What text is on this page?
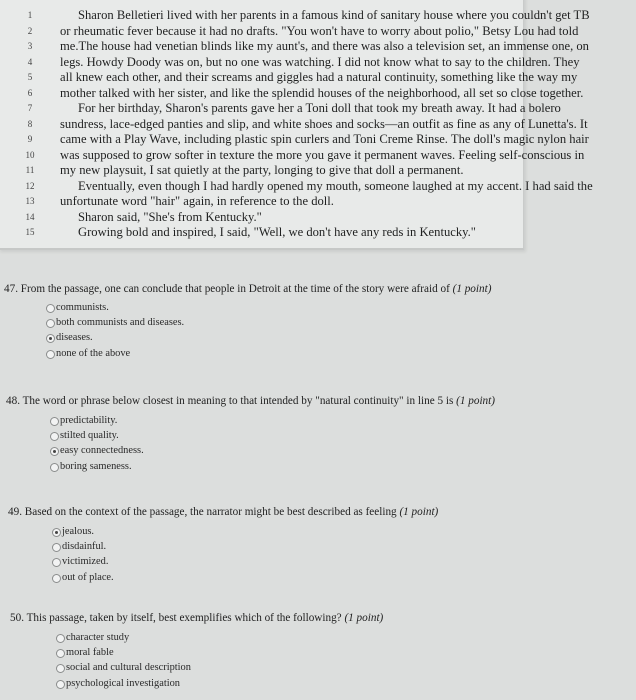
1	Sharon Belletieri lived with her parents in a famous kind of sanitary house where you couldn't get TB
2	or rheumatic fever because it had no drafts. "You won't have to worry about polio," Betsy Lou had told
3	me.The house had venetian blinds like my aunt's, and there was also a television set, an immense one, on
4	legs. Howdy Doody was on, but no one was watching. I did not know what to say to the children. They
5	all knew each other, and their screams and giggles had a natural continuity, something like the way my
6	mother talked with her sister, and like the splendid houses of the neighborhood, all set so close together.
7	For her birthday, Sharon's parents gave her a Toni doll that took my breath away. It had a bolero
8	sundress, lace-edged panties and slip, and white shoes and socks—an outfit as fine as any of Lunetta's. It
9	came with a Play Wave, including plastic spin curlers and Toni Creme Rinse. The doll's magic nylon hair
10	was supposed to grow softer in texture the more you gave it permanent waves. Feeling self-conscious in
11	my new playsuit, I sat quietly at the party, longing to give that doll a permanent.
12	Eventually, even though I had hardly opened my mouth, someone laughed at my accent. I had said the
13	unfortunate word "hair" again, in reference to the doll.
14	Sharon said, "She's from Kentucky."
15	Growing bold and inspired, I said, "Well, we don't have any reds in Kentucky."
47. From the passage, one can conclude that people in Detroit at the time of the story were afraid of (1 point)
communists.
both communists and diseases.
diseases.
none of the above
48. The word or phrase below closest in meaning to that intended by "natural continuity" in line 5 is (1 point)
predictability.
stilted quality.
easy connectedness.
boring sameness.
49. Based on the context of the passage, the narrator might be best described as feeling (1 point)
jealous.
disdainful.
victimized.
out of place.
50. This passage, taken by itself, best exemplifies which of the following? (1 point)
character study
moral fable
social and cultural description
psychological investigation
